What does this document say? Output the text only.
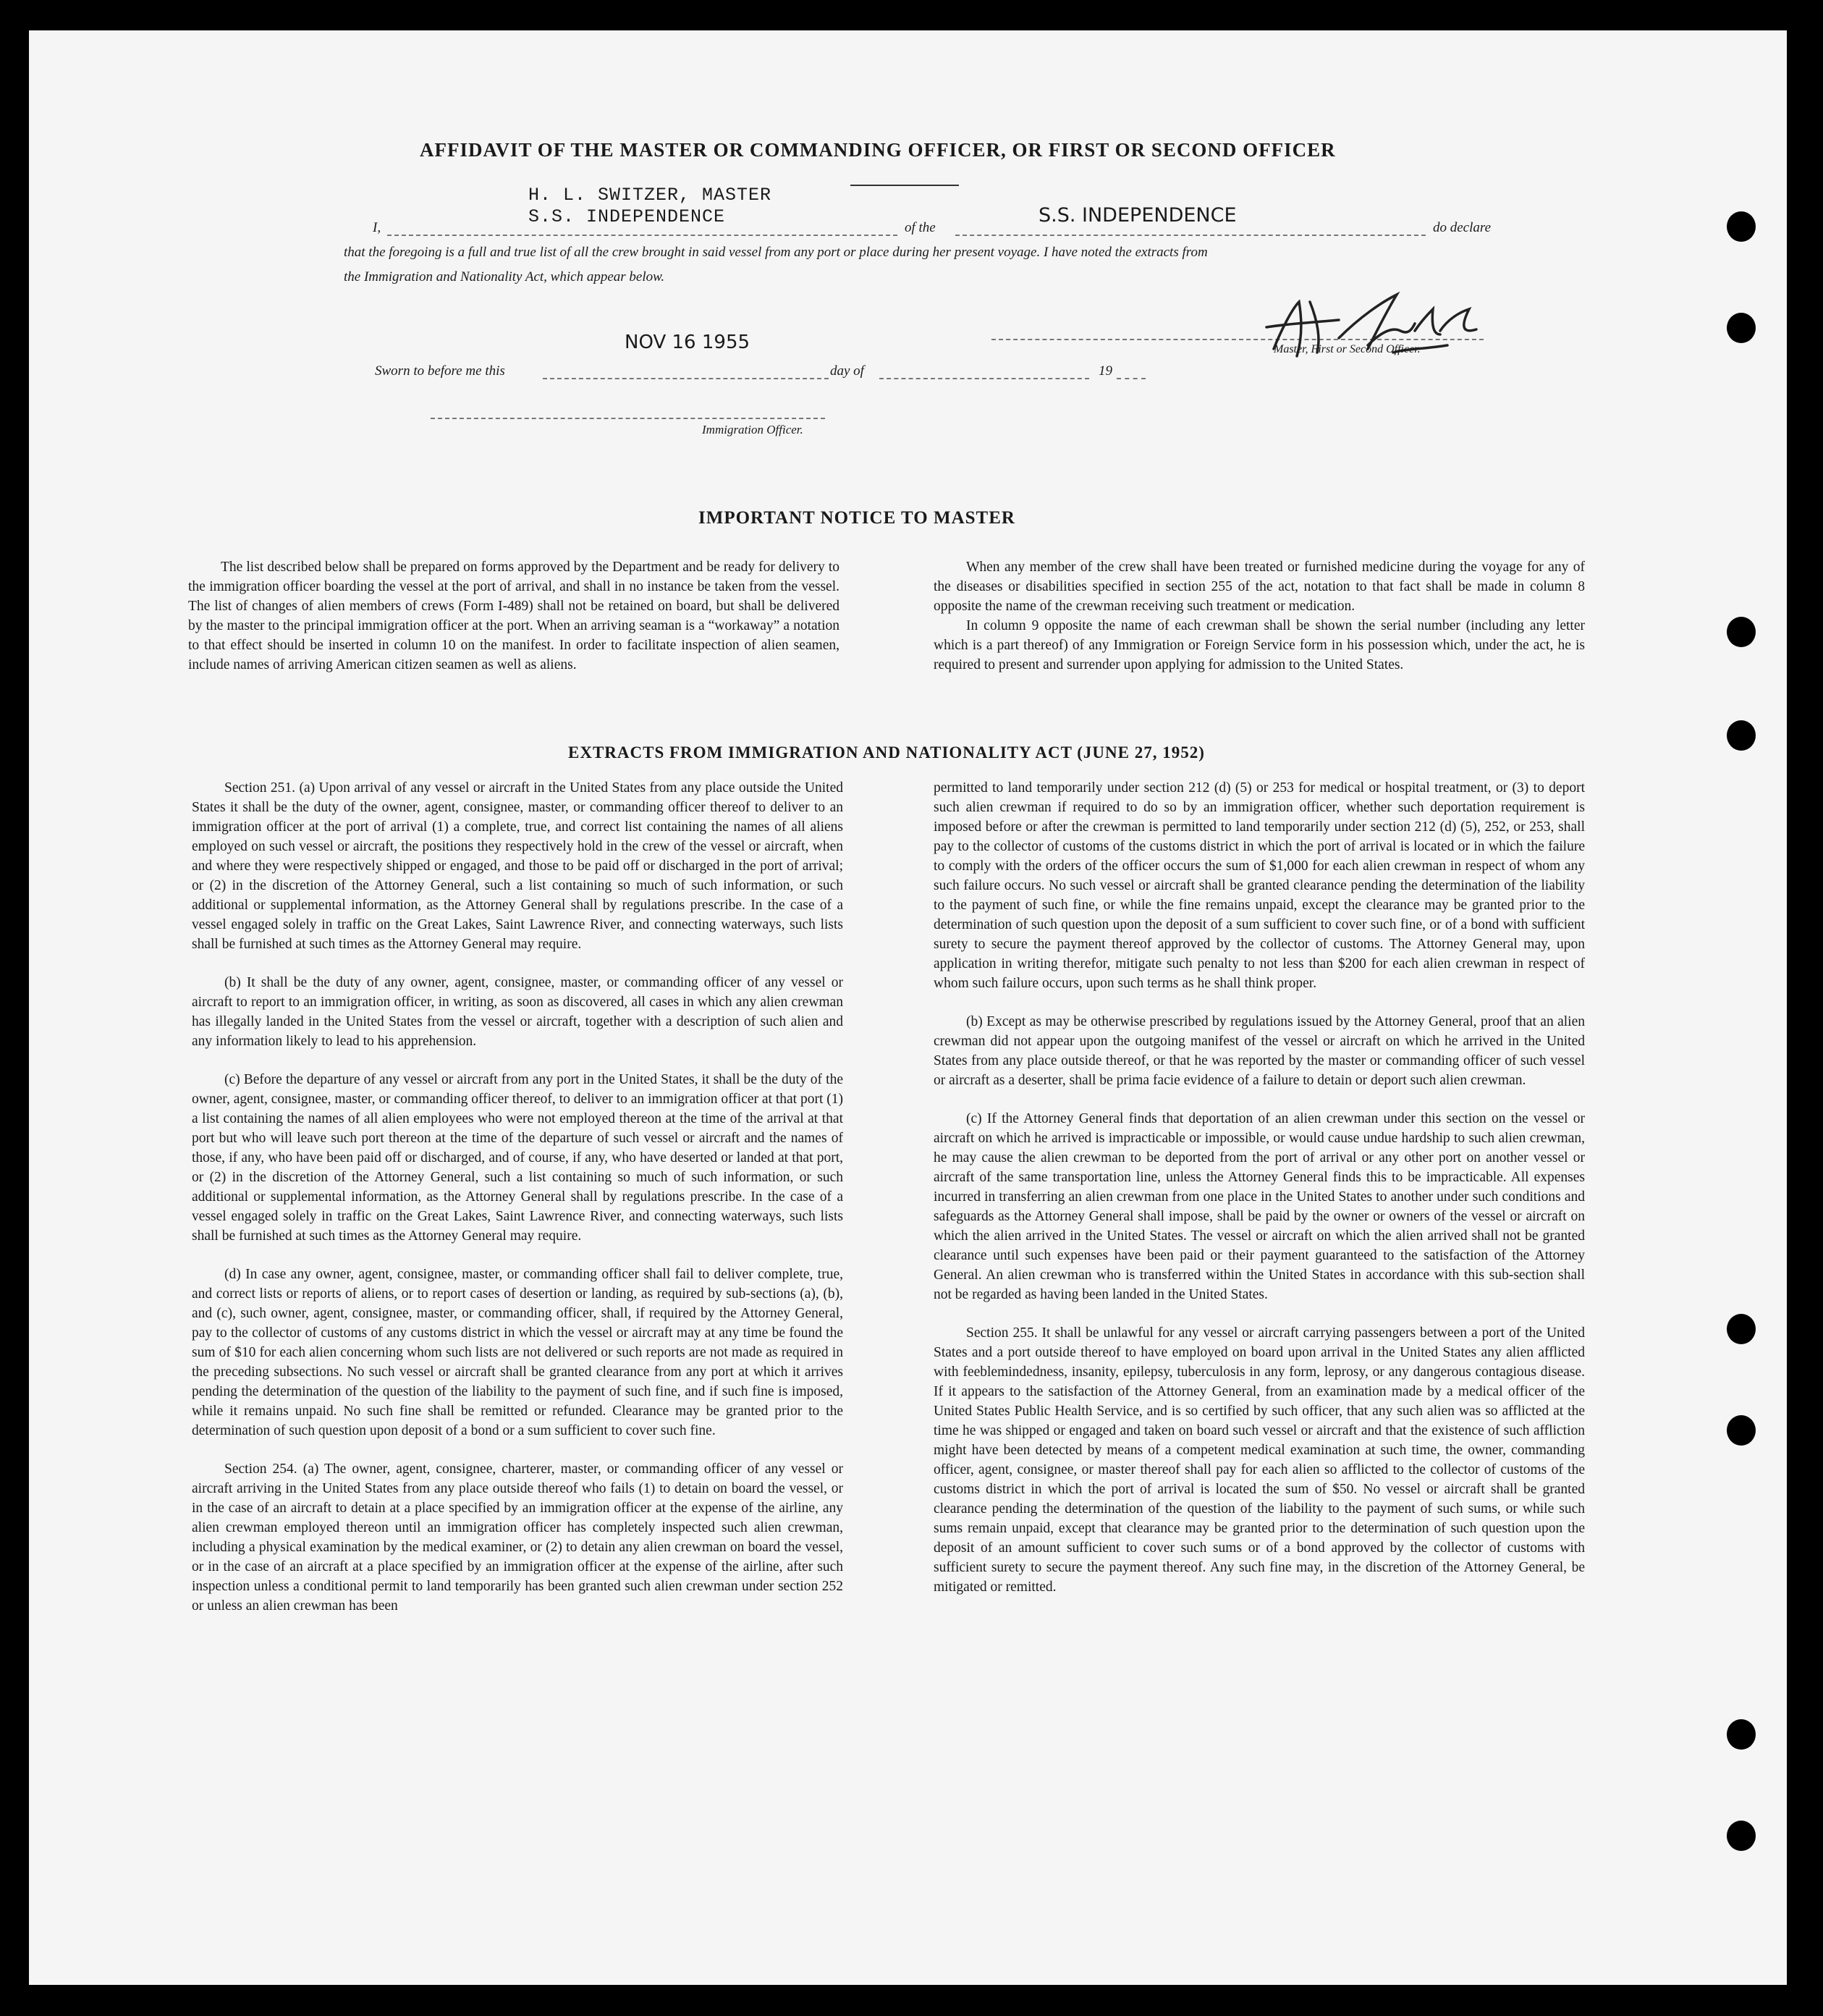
AFFIDAVIT OF THE MASTER OR COMMANDING OFFICER, OR FIRST OR SECOND OFFICER
H. L. SWITZER, MASTER
S.S. INDEPENDENCE
I,	of the
S.S. INDEPENDENCE
do declare
that the foregoing is a full and true list of all the crew brought in said vessel from any port or place during her present voyage. I have noted the extracts from
the Immigration and Nationality Act, which appear below.
Master, First or Second Officer.
NOV 16 1955
Sworn to before me this	day of	19
Immigration Officer.
IMPORTANT NOTICE TO MASTER

The list described below shall be prepared on forms approved by the Department and be ready for delivery to the immigration officer boarding the vessel at the port of arrival, and shall in no instance be taken from the vessel. The list of changes of alien members of crews (Form I-489) shall not be retained on board, but shall be delivered by the master to the principal immigration officer at the port. When an arriving seaman is a “workaway” a notation to that effect should be inserted in column 10 on the manifest. In order to facilitate inspection of alien seamen, include names of arriving American citizen seamen as well as aliens.

When any member of the crew shall have been treated or furnished medicine during the voyage for any of the diseases or disabilities specified in section 255 of the act, notation to that fact shall be made in column 8 opposite the name of the crewman receiving such treatment or medication.

In column 9 opposite the name of each crewman shall be shown the serial number (including any letter which is a part thereof) of any Immigration or Foreign Service form in his possession which, under the act, he is required to present and surrender upon applying for admission to the United States.

EXTRACTS FROM IMMIGRATION AND NATIONALITY ACT (JUNE 27, 1952)

Section 251. (a) Upon arrival of any vessel or aircraft in the United States from any place outside the United States it shall be the duty of the owner, agent, consignee, master, or commanding officer thereof to deliver to an immigration officer at the port of arrival (1) a complete, true, and correct list containing the names of all aliens employed on such vessel or aircraft, the positions they respectively hold in the crew of the vessel or aircraft, when and where they were respectively shipped or engaged, and those to be paid off or discharged in the port of arrival; or (2) in the discretion of the Attorney General, such a list containing so much of such information, or such additional or supplemental information, as the Attorney General shall by regulations prescribe. In the case of a vessel engaged solely in traffic on the Great Lakes, Saint Lawrence River, and connecting waterways, such lists shall be furnished at such times as the Attorney General may require.

(b) It shall be the duty of any owner, agent, consignee, master, or commanding officer of any vessel or aircraft to report to an immigration officer, in writing, as soon as discovered, all cases in which any alien crewman has illegally landed in the United States from the vessel or aircraft, together with a description of such alien and any information likely to lead to his apprehension.

(c) Before the departure of any vessel or aircraft from any port in the United States, it shall be the duty of the owner, agent, consignee, master, or commanding officer thereof, to deliver to an immigration officer at that port (1) a list containing the names of all alien employees who were not employed thereon at the time of the arrival at that port but who will leave such port thereon at the time of the departure of such vessel or aircraft and the names of those, if any, who have been paid off or discharged, and of course, if any, who have deserted or landed at that port, or (2) in the discretion of the Attorney General, such a list containing so much of such information, or such additional or supplemental information, as the Attorney General shall by regulations prescribe. In the case of a vessel engaged solely in traffic on the Great Lakes, Saint Lawrence River, and connecting waterways, such lists shall be furnished at such times as the Attorney General may require.

(d) In case any owner, agent, consignee, master, or commanding officer shall fail to deliver complete, true, and correct lists or reports of aliens, or to report cases of desertion or landing, as required by sub-sections (a), (b), and (c), such owner, agent, consignee, master, or commanding officer, shall, if required by the Attorney General, pay to the collector of customs of any customs district in which the vessel or aircraft may at any time be found the sum of $10 for each alien concerning whom such lists are not delivered or such reports are not made as required in the preceding subsections. No such vessel or aircraft shall be granted clearance from any port at which it arrives pending the determination of the question of the liability to the payment of such fine, and if such fine is imposed, while it remains unpaid. No such fine shall be remitted or refunded. Clearance may be granted prior to the determination of such question upon deposit of a bond or a sum sufficient to cover such fine.

Section 254. (a) The owner, agent, consignee, charterer, master, or commanding officer of any vessel or aircraft arriving in the United States from any place outside thereof who fails (1) to detain on board the vessel, or in the case of an aircraft to detain at a place specified by an immigration officer at the expense of the airline, any alien crewman employed thereon until an immigration officer has completely inspected such alien crewman, including a physical examination by the medical examiner, or (2) to detain any alien crewman on board the vessel, or in the case of an aircraft at a place specified by an immigration officer at the expense of the airline, after such inspection unless a conditional permit to land temporarily has been granted such alien crewman under section 252 or unless an alien crewman has been

permitted to land temporarily under section 212 (d) (5) or 253 for medical or hospital treatment, or (3) to deport such alien crewman if required to do so by an immigration officer, whether such deportation requirement is imposed before or after the crewman is permitted to land temporarily under section 212 (d) (5), 252, or 253, shall pay to the collector of customs of the customs district in which the port of arrival is located or in which the failure to comply with the orders of the officer occurs the sum of $1,000 for each alien crewman in respect of whom any such failure occurs. No such vessel or aircraft shall be granted clearance pending the determination of the liability to the payment of such fine, or while the fine remains unpaid, except the clearance may be granted prior to the determination of such question upon the deposit of a sum sufficient to cover such fine, or of a bond with sufficient surety to secure the payment thereof approved by the collector of customs. The Attorney General may, upon application in writing therefor, mitigate such penalty to not less than $200 for each alien crewman in respect of whom such failure occurs, upon such terms as he shall think proper.

(b) Except as may be otherwise prescribed by regulations issued by the Attorney General, proof that an alien crewman did not appear upon the outgoing manifest of the vessel or aircraft on which he arrived in the United States from any place outside thereof, or that he was reported by the master or commanding officer of such vessel or aircraft as a deserter, shall be prima facie evidence of a failure to detain or deport such alien crewman.

(c) If the Attorney General finds that deportation of an alien crewman under this section on the vessel or aircraft on which he arrived is impracticable or impossible, or would cause undue hardship to such alien crewman, he may cause the alien crewman to be deported from the port of arrival or any other port on another vessel or aircraft of the same transportation line, unless the Attorney General finds this to be impracticable. All expenses incurred in transferring an alien crewman from one place in the United States to another under such conditions and safeguards as the Attorney General shall impose, shall be paid by the owner or owners of the vessel or aircraft on which the alien arrived in the United States. The vessel or aircraft on which the alien arrived shall not be granted clearance until such expenses have been paid or their payment guaranteed to the satisfaction of the Attorney General. An alien crewman who is transferred within the United States in accordance with this sub-section shall not be regarded as having been landed in the United States.

Section 255. It shall be unlawful for any vessel or aircraft carrying passengers between a port of the United States and a port outside thereof to have employed on board upon arrival in the United States any alien afflicted with feeblemindedness, insanity, epilepsy, tuberculosis in any form, leprosy, or any dangerous contagious disease. If it appears to the satisfaction of the Attorney General, from an examination made by a medical officer of the United States Public Health Service, and is so certified by such officer, that any such alien was so afflicted at the time he was shipped or engaged and taken on board such vessel or aircraft and that the existence of such affliction might have been detected by means of a competent medical examination at such time, the owner, commanding officer, agent, consignee, or master thereof shall pay for each alien so afflicted to the collector of customs of the customs district in which the port of arrival is located the sum of $50. No vessel or aircraft shall be granted clearance pending the determination of the question of the liability to the payment of such sums, or while such sums remain unpaid, except that clearance may be granted prior to the determination of such question upon the deposit of an amount sufficient to cover such sums or of a bond approved by the collector of customs with sufficient surety to secure the payment thereof. Any such fine may, in the discretion of the Attorney General, be mitigated or remitted.
